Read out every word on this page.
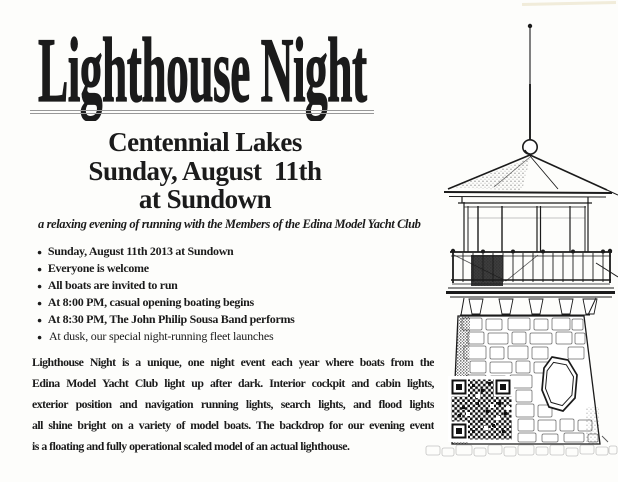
Lighthouse Night
Centennial Lakes
Sunday, August  11th
at Sundown
a relaxing evening of running with the Members of the Edina Model Yacht Club
● Sunday, August 11th 2013 at Sundown
● Everyone is welcome
● All boats are invited to run
● At 8:00 PM, casual opening boating begins
● At 8:30 PM, The John Philip Sousa Band performs
● At dusk, our special night-running fleet launches
Lighthouse Night is a unique, one night event each year where boats from the
Edina Model Yacht Club light up after dark. Interior cockpit and cabin lights,
exterior position and navigation running lights, search lights, and flood lights
all shine bright on a variety of model boats. The backdrop for our evening event
is a floating and fully operational scaled model of an actual lighthouse.
